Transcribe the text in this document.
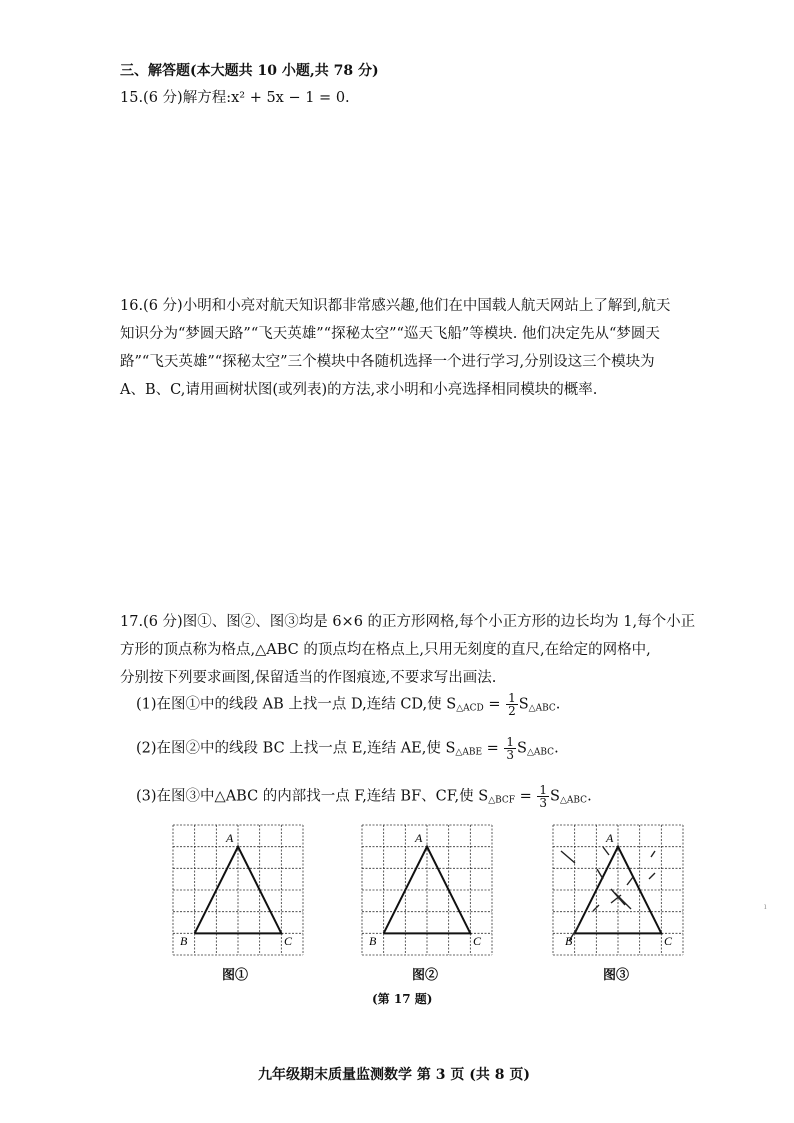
三、解答题(本大题共 10 小题,共 78 分)
15.(6 分)解方程:x² + 5x − 1 = 0.
16.(6 分)小明和小亮对航天知识都非常感兴趣,他们在中国载人航天网站上了解到,航天
知识分为“梦圆天路”“飞天英雄”“探秘太空”“巡天飞船”等模块. 他们决定先从“梦圆天
路”“飞天英雄”“探秘太空”三个模块中各随机选择一个进行学习,分别设这三个模块为
A、B、C,请用画树状图(或列表)的方法,求小明和小亮选择相同模块的概率.
17.(6 分)图①、图②、图③均是 6×6 的正方形网格,每个小正方形的边长均为 1,每个小正
方形的顶点称为格点,△ABC 的顶点均在格点上,只用无刻度的直尺,在给定的网格中,
分别按下列要求画图,保留适当的作图痕迹,不要求写出画法.
(1)在图①中的线段 AB 上找一点 D,连结 CD,使 S△ACD = $\frac{1}{2}$ S△ABC.
(2)在图②中的线段 BC 上找一点 E,连结 AE,使 S△ABE = $\frac{1}{3}$ S△ABC.
(3)在图③中△ABC 的内部找一点 F,连结 BF、CF,使 S△BCF = $\frac{1}{3}$ S△ABC.
A
B	C
A
B	C
A
B	C
图①	图②	图③
(第 17 题)
九年级期末质量监测数学 第 3 页 (共 8 页)
ı
